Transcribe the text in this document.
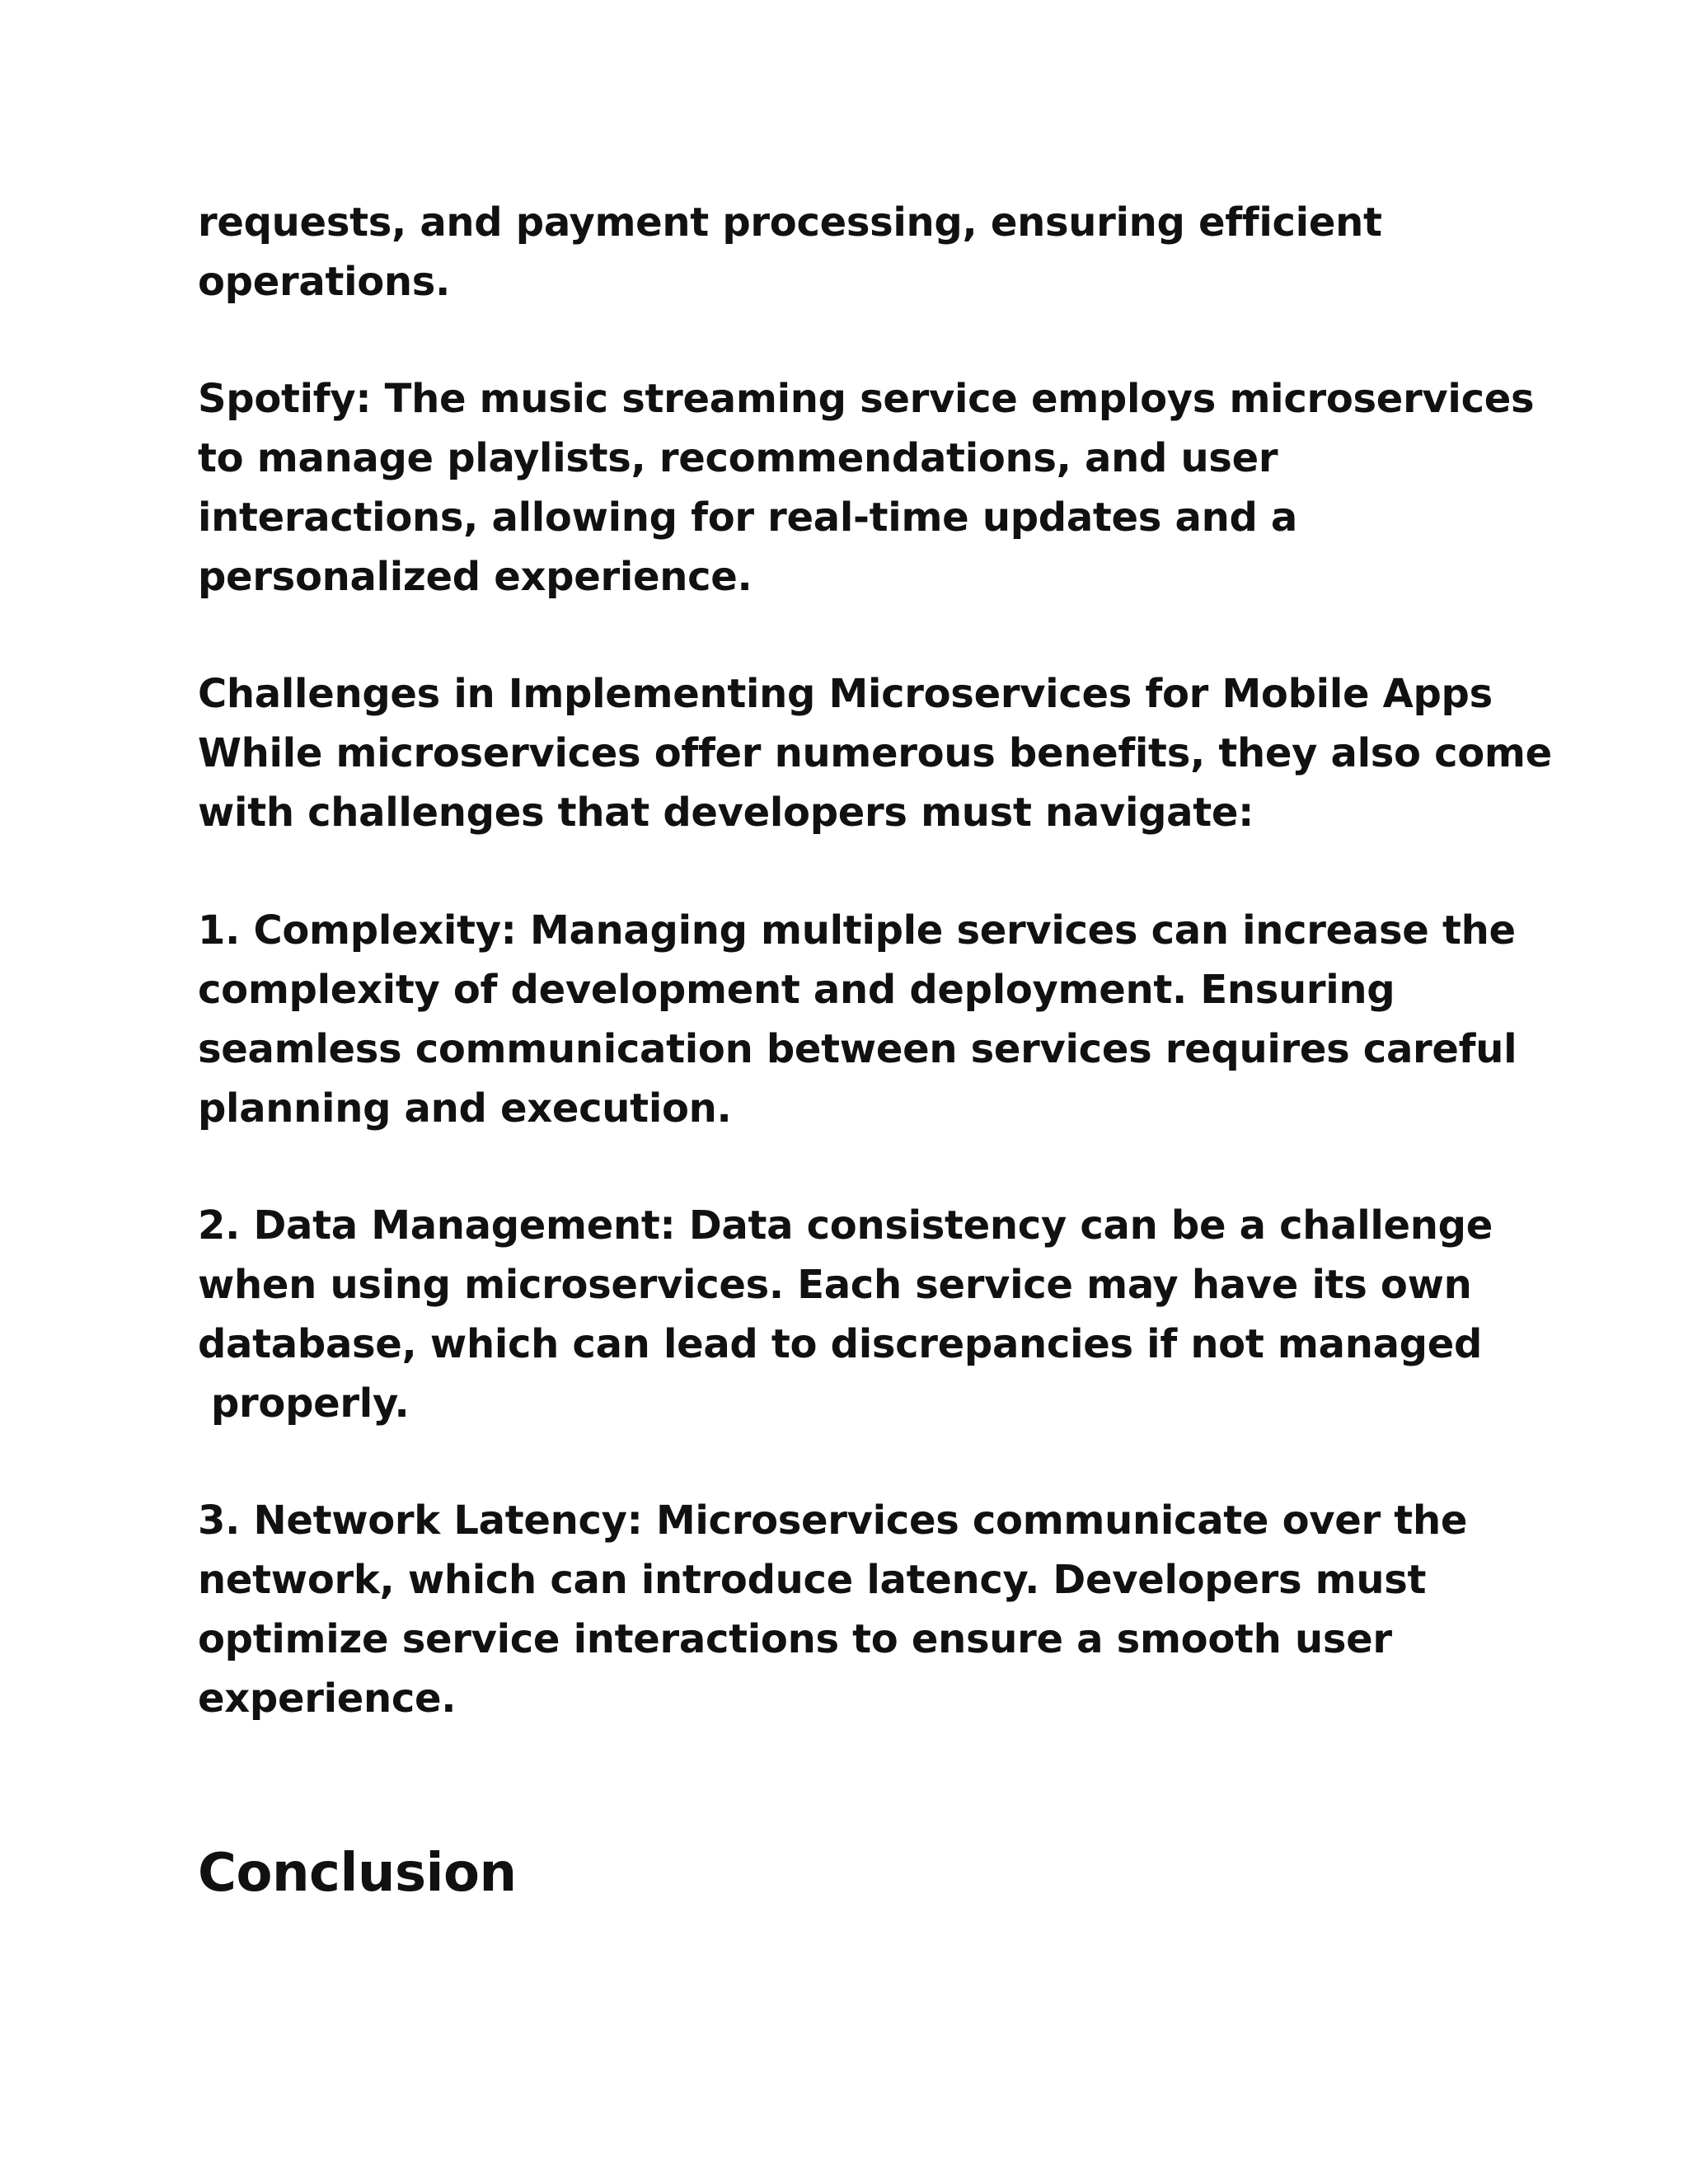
requests, and payment processing, ensuring efficient
operations.

Spotify: The music streaming service employs microservices
to manage playlists, recommendations, and user
interactions, allowing for real-time updates and a
personalized experience.

Challenges in Implementing Microservices for Mobile Apps
While microservices offer numerous benefits, they also come
with challenges that developers must navigate:

1. Complexity: Managing multiple services can increase the
complexity of development and deployment. Ensuring
seamless communication between services requires careful
planning and execution.

2. Data Management: Data consistency can be a challenge
when using microservices. Each service may have its own
database, which can lead to discrepancies if not managed
properly.

3. Network Latency: Microservices communicate over the
network, which can introduce latency. Developers must
optimize service interactions to ensure a smooth user
experience.

Conclusion
